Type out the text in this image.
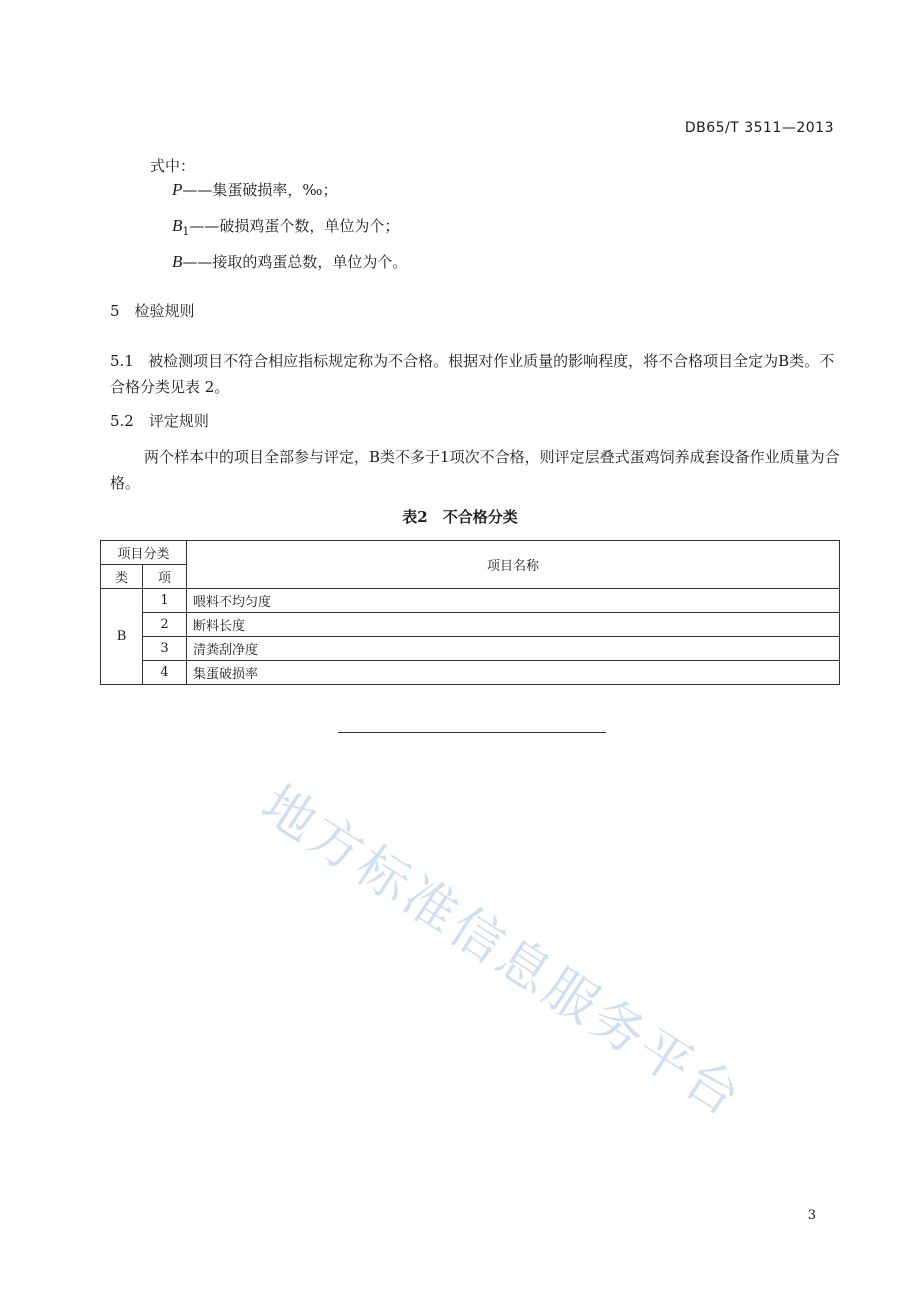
DB65/T 3511—2013
式中：
P——集蛋破损率，‰；
$B_1——$破损鸡蛋个数，单位为个；
B——接取的鸡蛋总数，单位为个。
5　检验规则
5.1 被检测项目不符合相应指标规定称为不合格。根据对作业质量的影响程度，将不合格项目全定为B类。不合格分类见表 2。
5.2　评定规则
两个样本中的项目全部参与评定，B类不多于1项次不合格，则评定层叠式蛋鸡饲养成套设备作业质量为合格。
表2　不合格分类
项目分类		项目名称
类	项	
B	1	喂料不均匀度
	2	断料长度
	3	清粪刮净度
	4	集蛋破损率
地方标准信息服务平台
3
